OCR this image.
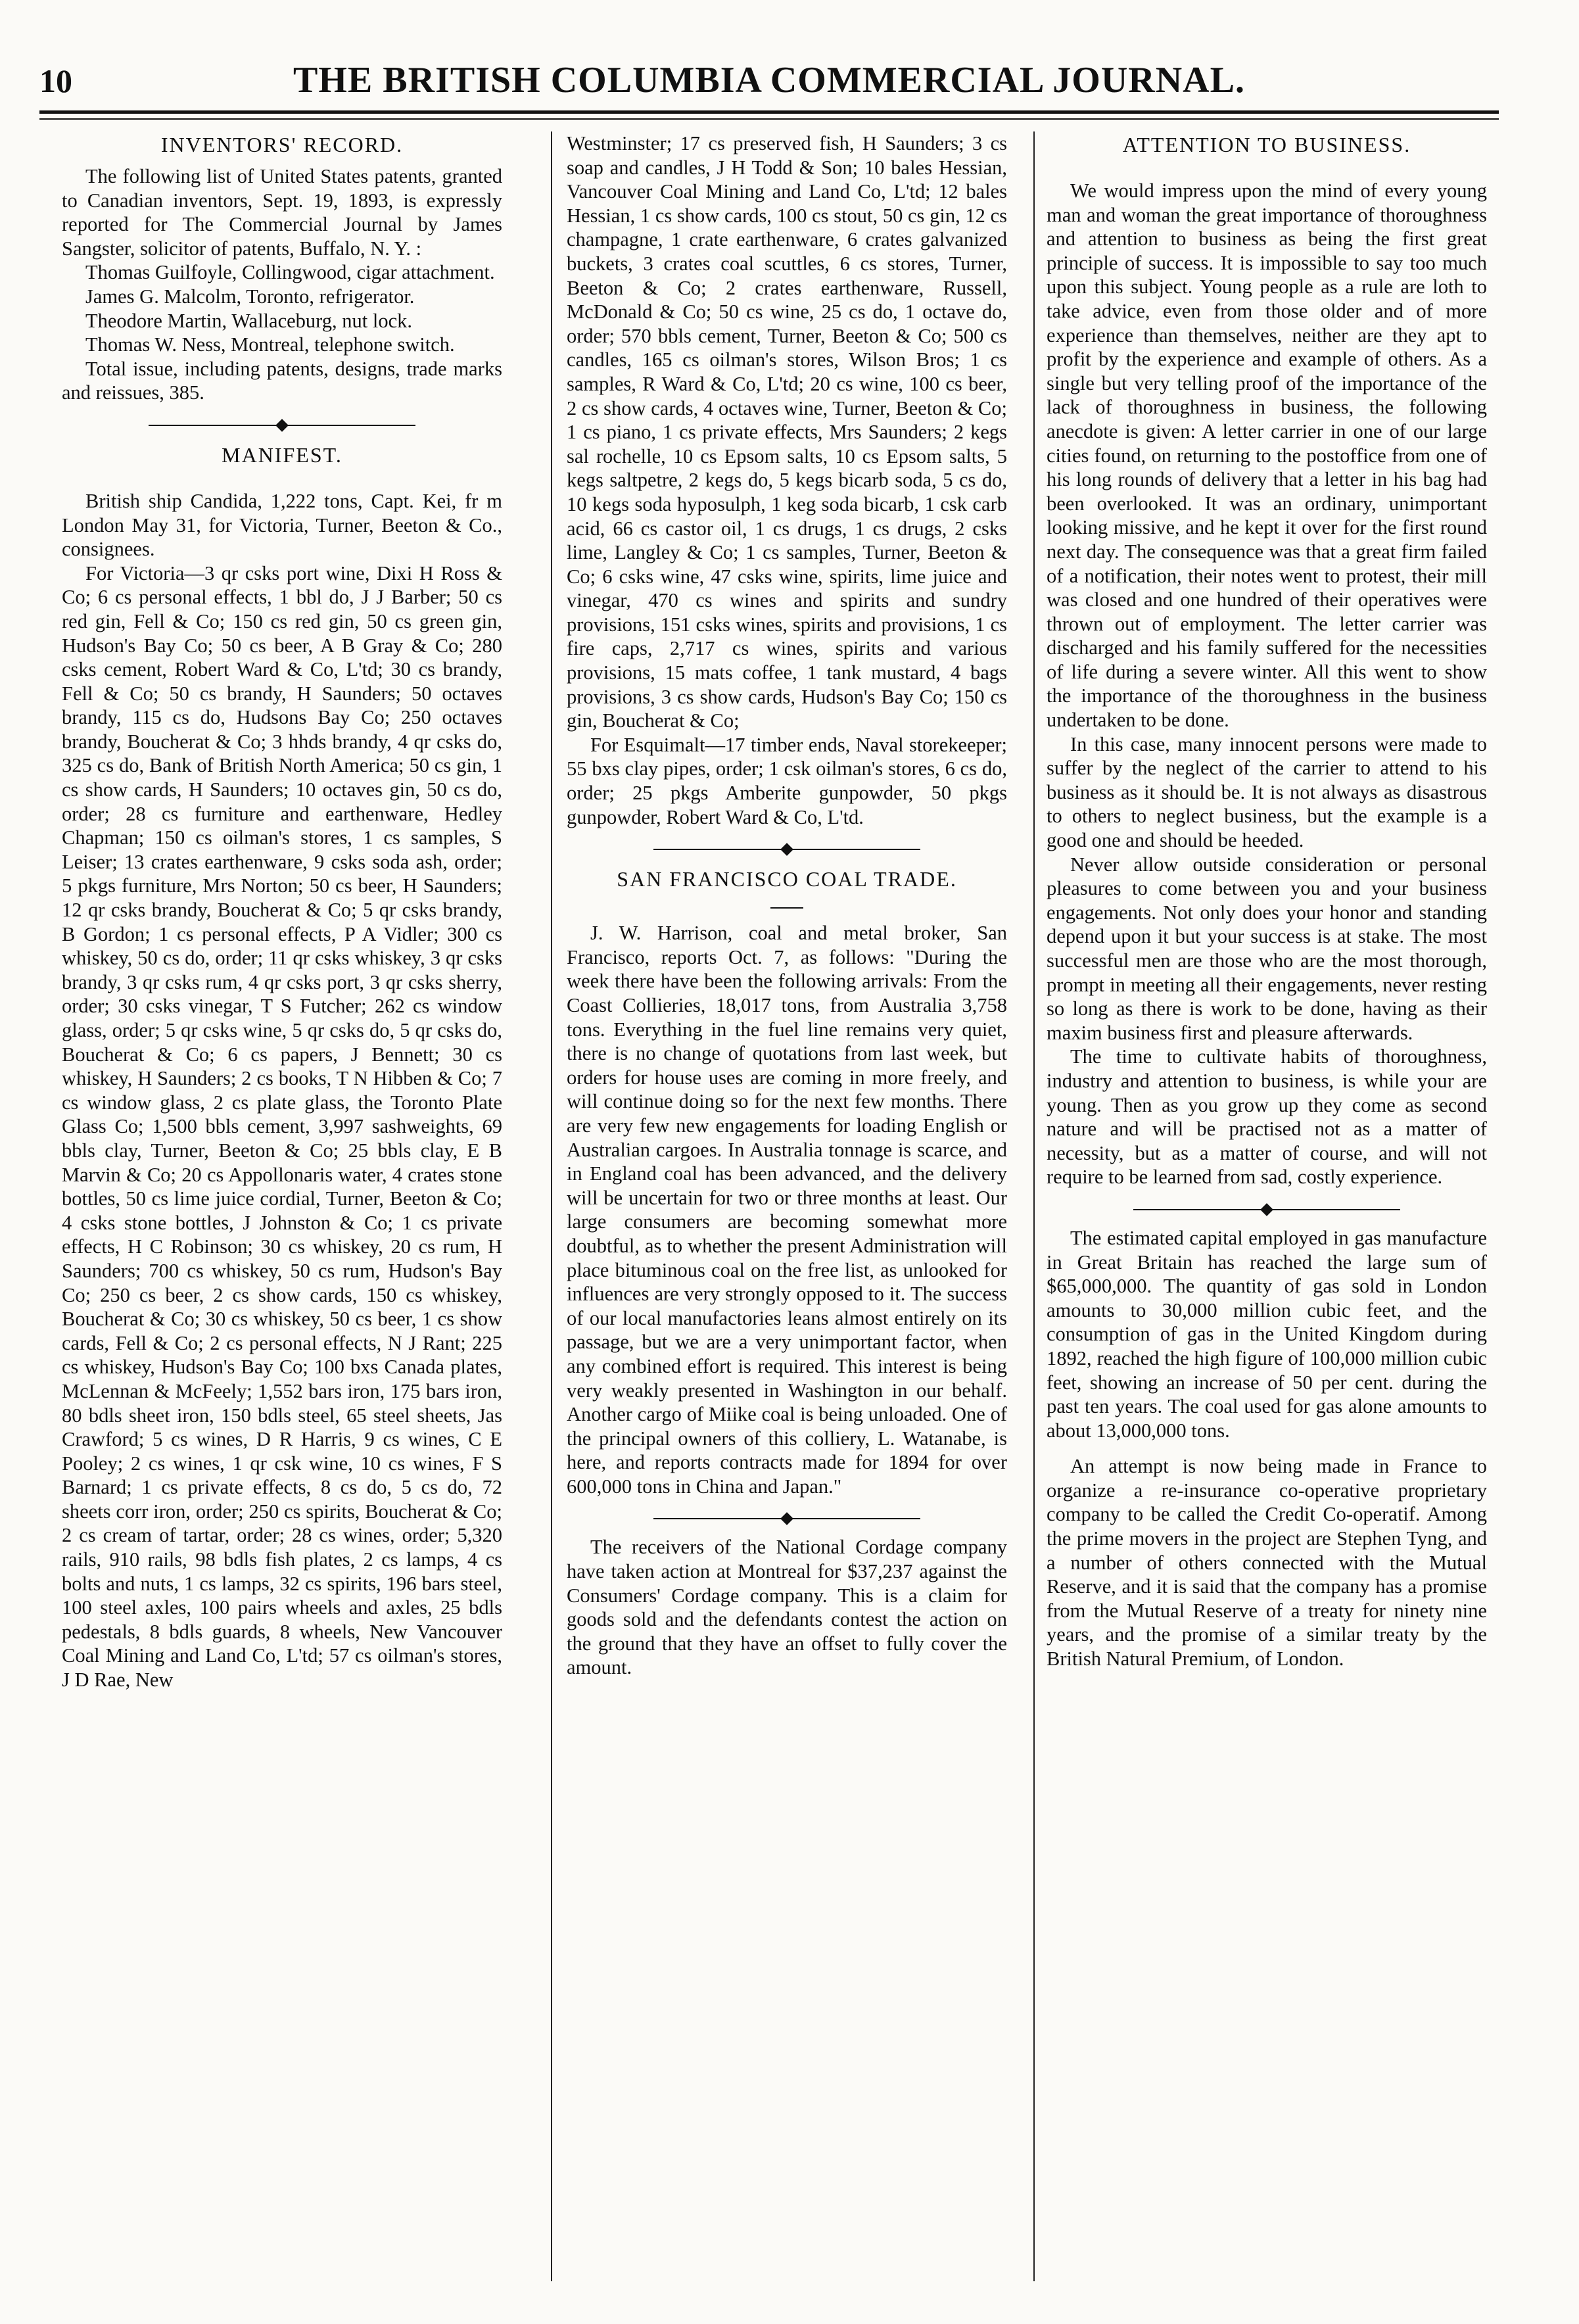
10	THE BRITISH COLUMBIA COMMERCIAL JOURNAL.
INVENTORS' RECORD.

The following list of United States patents, granted to Canadian inventors, Sept. 19, 1893, is expressly reported for The Commercial Journal by James Sangster, solicitor of patents, Buffalo, N. Y. :

Thomas Guilfoyle, Collingwood, cigar attachment.

James G. Malcolm, Toronto, refrigerator.

Theodore Martin, Wallaceburg, nut lock.

Thomas W. Ness, Montreal, telephone switch.

Total issue, including patents, designs, trade marks and reissues, 385.

MANIFEST.

British ship Candida, 1,222 tons, Capt. Kei, fr m London May 31, for Victoria, Turner, Beeton & Co., consignees.

For Victoria—3 qr csks port wine, Dixi H Ross & Co; 6 cs personal effects, 1 bbl do, J J Barber; 50 cs red gin, Fell & Co; 150 cs red gin, 50 cs green gin, Hudson's Bay Co; 50 cs beer, A B Gray & Co; 280 csks cement, Robert Ward & Co, L'td; 30 cs brandy, Fell & Co; 50 cs brandy, H Saunders; 50 octaves brandy, 115 cs do, Hudsons Bay Co; 250 octaves brandy, Boucherat & Co; 3 hhds brandy, 4 qr csks do, 325 cs do, Bank of British North America; 50 cs gin, 1 cs show cards, H Saunders; 10 octaves gin, 50 cs do, order; 28 cs furniture and earthenware, Hedley Chapman; 150 cs oilman's stores, 1 cs samples, S Leiser; 13 crates earthenware, 9 csks soda ash, order; 5 pkgs furniture, Mrs Norton; 50 cs beer, H Saunders; 12 qr csks brandy, Boucherat & Co; 5 qr csks brandy, B Gordon; 1 cs personal effects, P A Vidler; 300 cs whiskey, 50 cs do, order; 11 qr csks whiskey, 3 qr csks brandy, 3 qr csks rum, 4 qr csks port, 3 qr csks sherry, order; 30 csks vinegar, T S Futcher; 262 cs window glass, order; 5 qr csks wine, 5 qr csks do, 5 qr csks do, Boucherat & Co; 6 cs papers, J Bennett; 30 cs whiskey, H Saunders; 2 cs books, T N Hibben & Co; 7 cs window glass, 2 cs plate glass, the Toronto Plate Glass Co; 1,500 bbls cement, 3,997 sashweights, 69 bbls clay, Turner, Beeton & Co; 25 bbls clay, E B Marvin & Co; 20 cs Appollonaris water, 4 crates stone bottles, 50 cs lime juice cordial, Turner, Beeton & Co; 4 csks stone bottles, J Johnston & Co; 1 cs private effects, H C Robinson; 30 cs whiskey, 20 cs rum, H Saunders; 700 cs whiskey, 50 cs rum, Hudson's Bay Co; 250 cs beer, 2 cs show cards, 150 cs whiskey, Boucherat & Co; 30 cs whiskey, 50 cs beer, 1 cs show cards, Fell & Co; 2 cs personal effects, N J Rant; 225 cs whiskey, Hudson's Bay Co; 100 bxs Canada plates, McLennan & McFeely; 1,552 bars iron, 175 bars iron, 80 bdls sheet iron, 150 bdls steel, 65 steel sheets, Jas Crawford; 5 cs wines, D R Harris, 9 cs wines, C E Pooley; 2 cs wines, 1 qr csk wine, 10 cs wines, F S Barnard; 1 cs private effects, 8 cs do, 5 cs do, 72 sheets corr iron, order; 250 cs spirits, Boucherat & Co; 2 cs cream of tartar, order; 28 cs wines, order; 5,320 rails, 910 rails, 98 bdls fish plates, 2 cs lamps, 4 cs bolts and nuts, 1 cs lamps, 32 cs spirits, 196 bars steel, 100 steel axles, 100 pairs wheels and axles, 25 bdls pedestals, 8 bdls guards, 8 wheels, New Vancouver Coal Mining and Land Co, L'td; 57 cs oilman's stores, J D Rae, New

Westminster; 17 cs preserved fish, H Saunders; 3 cs soap and candles, J H Todd & Son; 10 bales Hessian, Vancouver Coal Mining and Land Co, L'td; 12 bales Hessian, 1 cs show cards, 100 cs stout, 50 cs gin, 12 cs champagne, 1 crate earthenware, 6 crates galvanized buckets, 3 crates coal scuttles, 6 cs stores, Turner, Beeton & Co; 2 crates earthenware, Russell, McDonald & Co; 50 cs wine, 25 cs do, 1 octave do, order; 570 bbls cement, Turner, Beeton & Co; 500 cs candles, 165 cs oilman's stores, Wilson Bros; 1 cs samples, R Ward & Co, L'td; 20 cs wine, 100 cs beer, 2 cs show cards, 4 octaves wine, Turner, Beeton & Co; 1 cs piano, 1 cs private effects, Mrs Saunders; 2 kegs sal rochelle, 10 cs Epsom salts, 10 cs Epsom salts, 5 kegs saltpetre, 2 kegs do, 5 kegs bicarb soda, 5 cs do, 10 kegs soda hyposulph, 1 keg soda bicarb, 1 csk carb acid, 66 cs castor oil, 1 cs drugs, 1 cs drugs, 2 csks lime, Langley & Co; 1 cs samples, Turner, Beeton & Co; 6 csks wine, 47 csks wine, spirits, lime juice and vinegar, 470 cs wines and spirits and sundry provisions, 151 csks wines, spirits and provisions, 1 cs fire caps, 2,717 cs wines, spirits and various provisions, 15 mats coffee, 1 tank mustard, 4 bags provisions, 3 cs show cards, Hudson's Bay Co; 150 cs gin, Boucherat & Co;

For Esquimalt—17 timber ends, Naval storekeeper; 55 bxs clay pipes, order; 1 csk oilman's stores, 6 cs do, order; 25 pkgs Amberite gunpowder, 50 pkgs gunpowder, Robert Ward & Co, L'td.

SAN FRANCISCO COAL TRADE.

J. W. Harrison, coal and metal broker, San Francisco, reports Oct. 7, as follows: "During the week there have been the following arrivals: From the Coast Collieries, 18,017 tons, from Australia 3,758 tons. Everything in the fuel line remains very quiet, there is no change of quotations from last week, but orders for house uses are coming in more freely, and will continue doing so for the next few months. There are very few new engagements for loading English or Australian cargoes. In Australia tonnage is scarce, and in England coal has been advanced, and the delivery will be uncertain for two or three months at least. Our large consumers are becoming somewhat more doubtful, as to whether the present Administration will place bituminous coal on the free list, as unlooked for influences are very strongly opposed to it. The success of our local manufactories leans almost entirely on its passage, but we are a very unimportant factor, when any combined effort is required. This interest is being very weakly presented in Washington in our behalf. Another cargo of Miike coal is being unloaded. One of the principal owners of this colliery, L. Watanabe, is here, and reports contracts made for 1894 for over 600,000 tons in China and Japan."

The receivers of the National Cordage company have taken action at Montreal for $37,237 against the Consumers' Cordage company. This is a claim for goods sold and the defendants contest the action on the ground that they have an offset to fully cover the amount.

ATTENTION TO BUSINESS.

We would impress upon the mind of every young man and woman the great importance of thoroughness and attention to business as being the first great principle of success. It is impossible to say too much upon this subject. Young people as a rule are loth to take advice, even from those older and of more experience than themselves, neither are they apt to profit by the experience and example of others. As a single but very telling proof of the importance of the lack of thoroughness in business, the following anecdote is given: A letter carrier in one of our large cities found, on returning to the postoffice from one of his long rounds of delivery that a letter in his bag had been overlooked. It was an ordinary, unimportant looking missive, and he kept it over for the first round next day. The consequence was that a great firm failed of a notification, their notes went to protest, their mill was closed and one hundred of their operatives were thrown out of employment. The letter carrier was discharged and his family suffered for the necessities of life during a severe winter. All this went to show the importance of the thoroughness in the business undertaken to be done.

In this case, many innocent persons were made to suffer by the neglect of the carrier to attend to his business as it should be. It is not always as disastrous to others to neglect business, but the example is a good one and should be heeded.

Never allow outside consideration or personal pleasures to come between you and your business engagements. Not only does your honor and standing depend upon it but your success is at stake. The most successful men are those who are the most thorough, prompt in meeting all their engagements, never resting so long as there is work to be done, having as their maxim business first and pleasure afterwards.

The time to cultivate habits of thoroughness, industry and attention to business, is while your are young. Then as you grow up they come as second nature and will be practised not as a matter of necessity, but as a matter of course, and will not require to be learned from sad, costly experience.

The estimated capital employed in gas manufacture in Great Britain has reached the large sum of $65,000,000. The quantity of gas sold in London amounts to 30,000 million cubic feet, and the consumption of gas in the United Kingdom during 1892, reached the high figure of 100,000 million cubic feet, showing an increase of 50 per cent. during the past ten years. The coal used for gas alone amounts to about 13,000,000 tons.

An attempt is now being made in France to organize a re-insurance co-operative proprietary company to be called the Credit Co-operatif. Among the prime movers in the project are Stephen Tyng, and a number of others connected with the Mutual Reserve, and it is said that the company has a promise from the Mutual Reserve of a treaty for ninety nine years, and the promise of a similar treaty by the British Natural Premium, of London.
